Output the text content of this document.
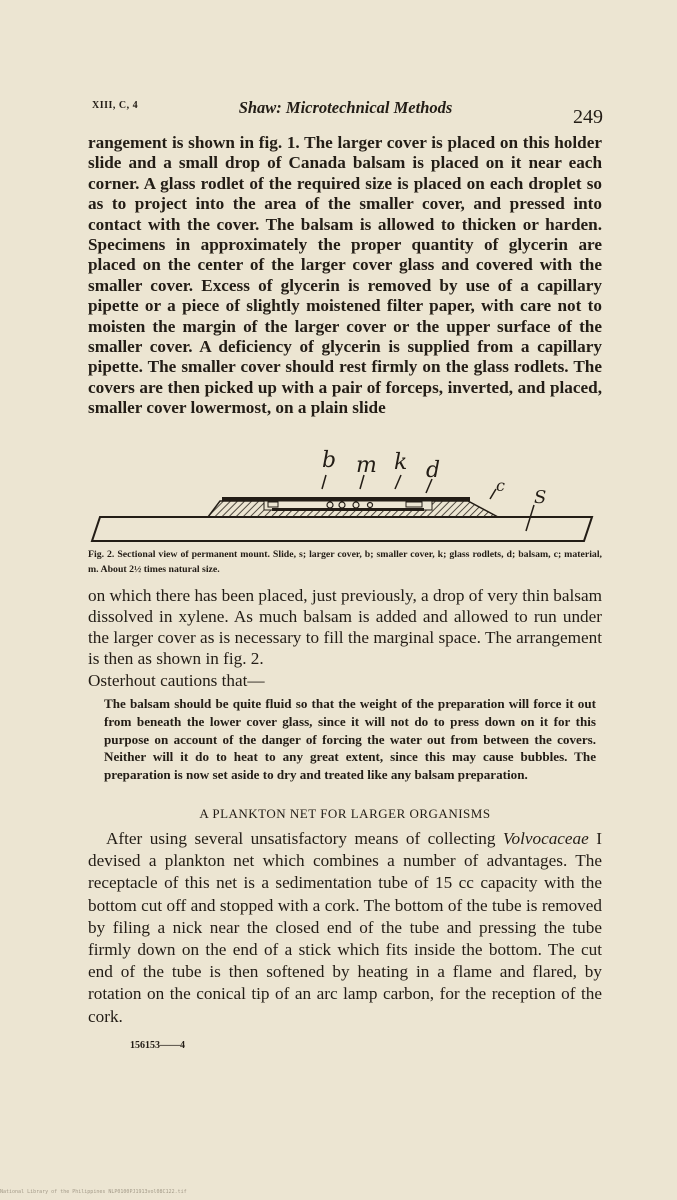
XIII, C, 4	Shaw: Microtechnical Methods	249

rangement is shown in fig. 1. The larger cover is placed on this holder slide and a small drop of Canada balsam is placed on it near each corner. A glass rodlet of the required size is placed on each droplet so as to project into the area of the smaller cover, and pressed into contact with the cover. The balsam is allowed to thicken or harden. Specimens in approximately the proper quantity of glycerin are placed on the center of the larger cover glass and covered with the smaller cover. Excess of glycerin is removed by use of a capillary pipette or a piece of slightly moistened filter paper, with care not to moisten the margin of the larger cover or the upper surface of the smaller cover. A deficiency of glycerin is supplied from a capillary pipette. The smaller cover should rest firmly on the glass rodlets. The covers are then picked up with a pair of forceps, inverted, and placed, smaller cover lowermost, on a plain slide

b m k d
c
S

Fig. 2. Sectional view of permanent mount. Slide, s; larger cover, b; smaller cover, k; glass rodlets, d; balsam, c; material, m. About 2½ times natural size.

on which there has been placed, just previously, a drop of very thin balsam dissolved in xylene. As much balsam is added and allowed to run under the larger cover as is necessary to fill the marginal space. The arrangement is then as shown in fig. 2.

Osterhout cautions that—

The balsam should be quite fluid so that the weight of the preparation will force it out from beneath the lower cover glass, since it will not do to press down on it for this purpose on account of the danger of forcing the water out from between the covers. Neither will it do to heat to any great extent, since this may cause bubbles. The preparation is now set aside to dry and treated like any balsam preparation.

A PLANKTON NET FOR LARGER ORGANISMS

After using several unsatisfactory means of collecting Volvocaceae I devised a plankton net which combines a number of advantages. The receptacle of this net is a sedimentation tube of 15 cc capacity with the bottom cut off and stopped with a cork. The bottom of the tube is removed by filing a nick near the closed end of the tube and pressing the tube firmly down on the end of a stick which fits inside the bottom. The cut end of the tube is then softened by heating in a flame and flared, by rotation on the conical tip of an arc lamp carbon, for the reception of the cork.

156153——4
National Library of the Philippines NLP0100PJ1913vol08C122.tif
